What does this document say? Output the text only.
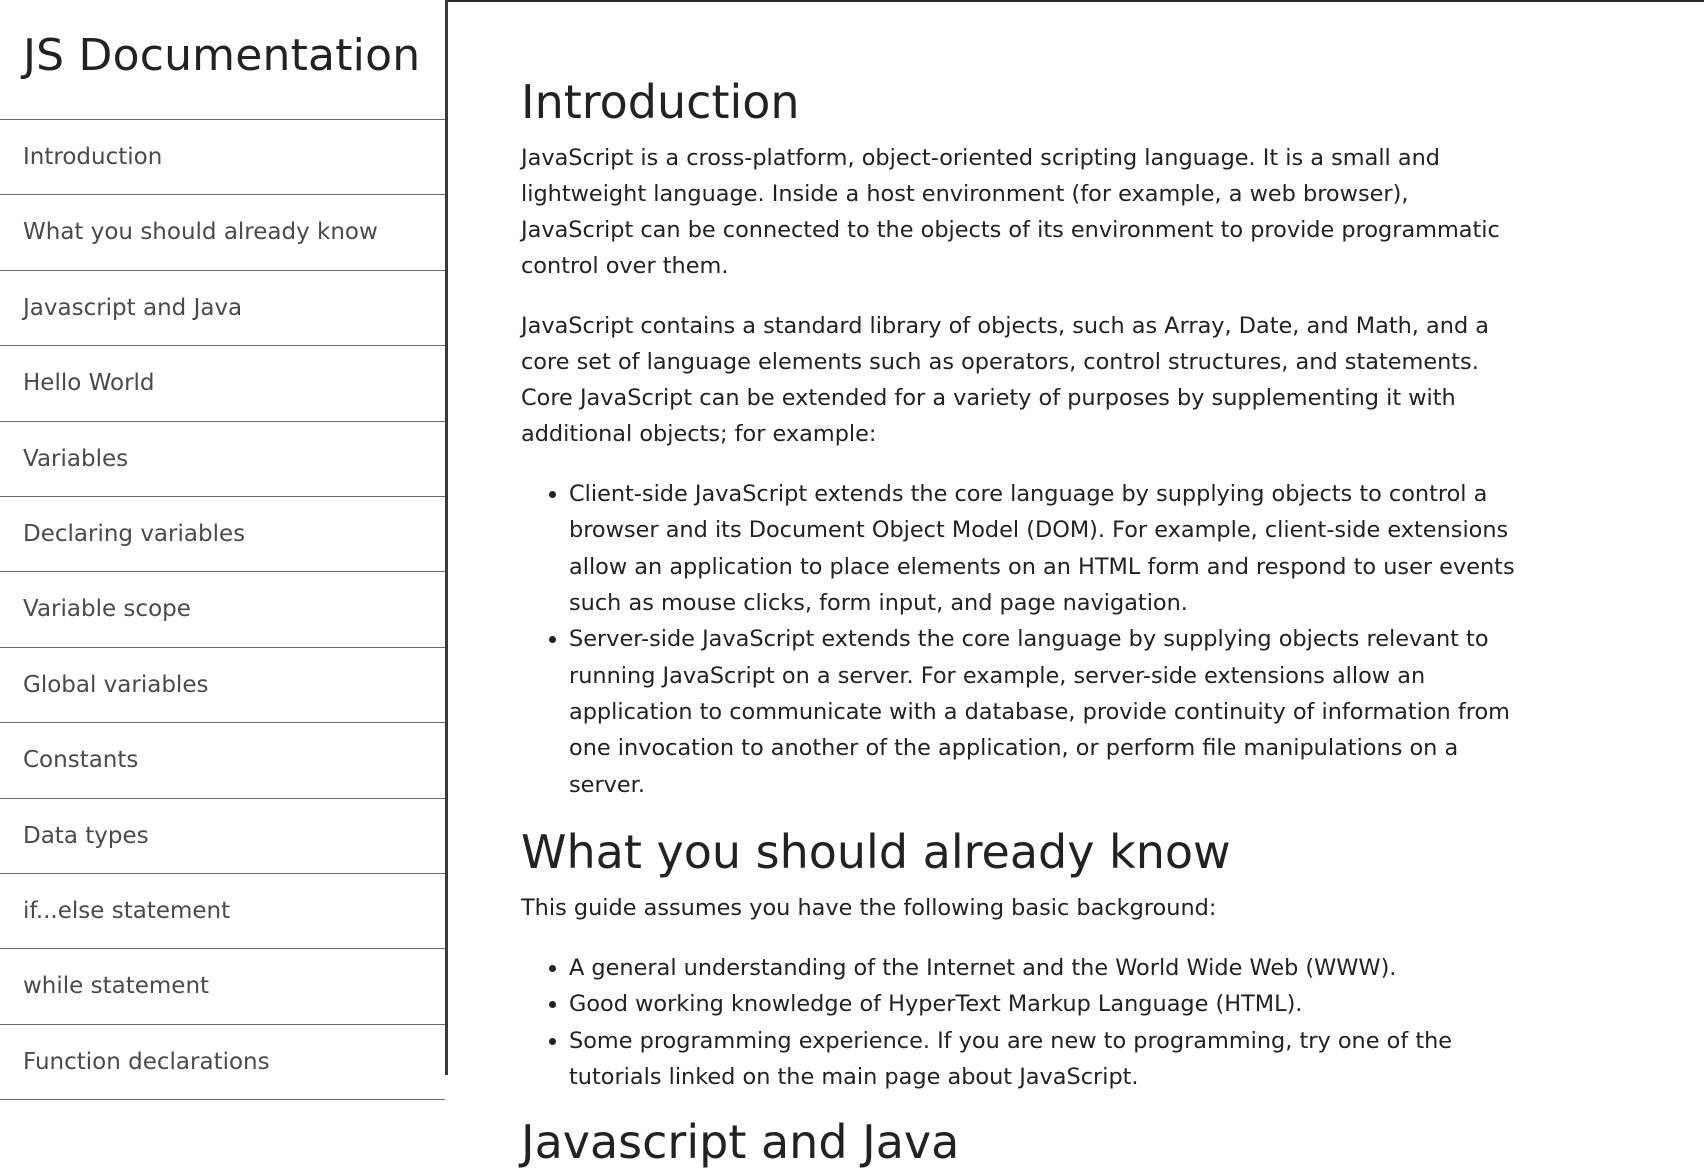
JS Documentation
Introduction
What you should already know
Javascript and Java
Hello World
Variables
Declaring variables
Variable scope
Global variables
Constants
Data types
if...else statement
while statement
Function declarations
Introduction

JavaScript is a cross-platform, object-oriented scripting language. It is a small and lightweight language. Inside a host environment (for example, a web browser), JavaScript can be connected to the objects of its environment to provide programmatic control over them.

JavaScript contains a standard library of objects, such as Array, Date, and Math, and a core set of language elements such as operators, control structures, and statements. Core JavaScript can be extended for a variety of purposes by supplementing it with additional objects; for example:

Client-side JavaScript extends the core language by supplying objects to control a browser and its Document Object Model (DOM). For example, client-side extensions allow an application to place elements on an HTML form and respond to user events such as mouse clicks, form input, and page navigation.
Server-side JavaScript extends the core language by supplying objects relevant to running JavaScript on a server. For example, server-side extensions allow an application to communicate with a database, provide continuity of information from one invocation to another of the application, or perform file manipulations on a server.
What you should already know

This guide assumes you have the following basic background:

A general understanding of the Internet and the World Wide Web (WWW).
Good working knowledge of HyperText Markup Language (HTML).
Some programming experience. If you are new to programming, try one of the tutorials linked on the main page about JavaScript.
Javascript and Java
